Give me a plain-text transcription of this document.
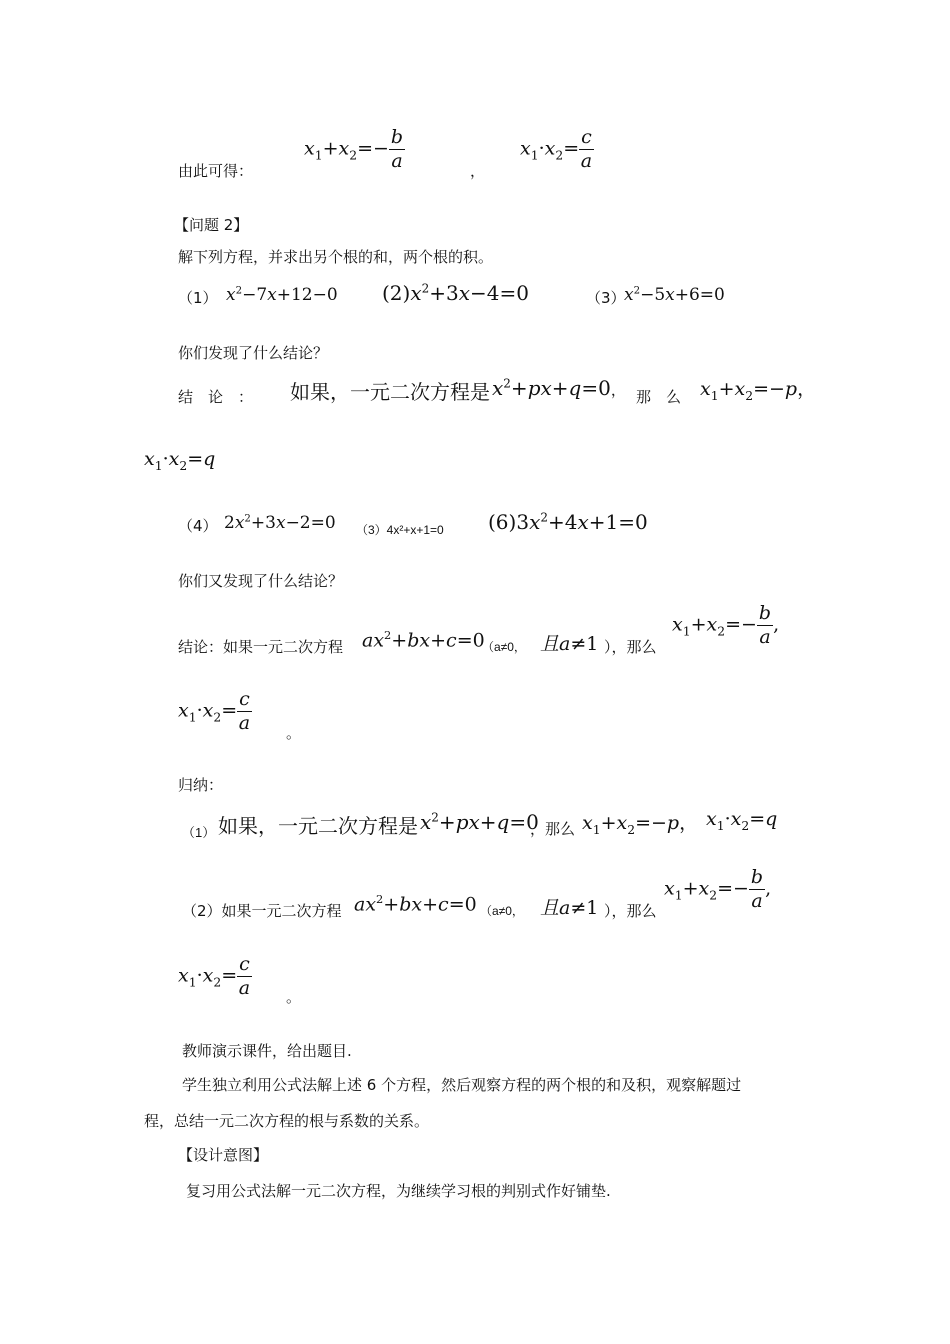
由此可得：
$x_1+x_2=- \frac{b}{a}$	，
$x_1\cdot x_2= \frac{c}{a}$
【问题 2】
解下列方程，并求出另个根的和，两个根的积。
（1） $x^2-7x+12-0$ $(2)x^2+3x-4=0$	（3）
$x^2-5x+6=0$
你们发现了什么结论？
结　论　： 如果，一元二次方程是 $x^2+px+q=0$， 那　么 $x_1+x_2=-p$，
$x_1\cdot x_2=q$
（4） $2x^2+3x-2=0$ （3）4x²+x+1=0 $(6)3x^2+4x+1=0$
你们又发现了什么结论？
结论：如果一元二次方程 $ax^2+bx+c=0$
（a≠0， 且a≠1 ），那么
$x_1+x_2=- \frac{b}{a}$ ,
$x_1\cdot x_2= \frac{c}{a}$ 。
归纳：
（1） 如果，一元二次方程是 $x^2+px+q=0$
，那么 $x_1+x_2=-p$， $x_1\cdot x_2=q$
（2）如果一元二次方程 $ax^2+bx+c=0$ （a≠0， 且a≠1 ），那么
$x_1+x_2=- \frac{b}{a}$ ,
$x_1\cdot x_2= \frac{c}{a}$ 。
教师演示课件，给出题目.
学生独立利用公式法解上述 6 个方程，然后观察方程的两个根的和及积，观察解题过
程，总结一元二次方程的根与系数的关系。
【设计意图】
复习用公式法解一元二次方程，为继续学习根的判别式作好铺垫.
